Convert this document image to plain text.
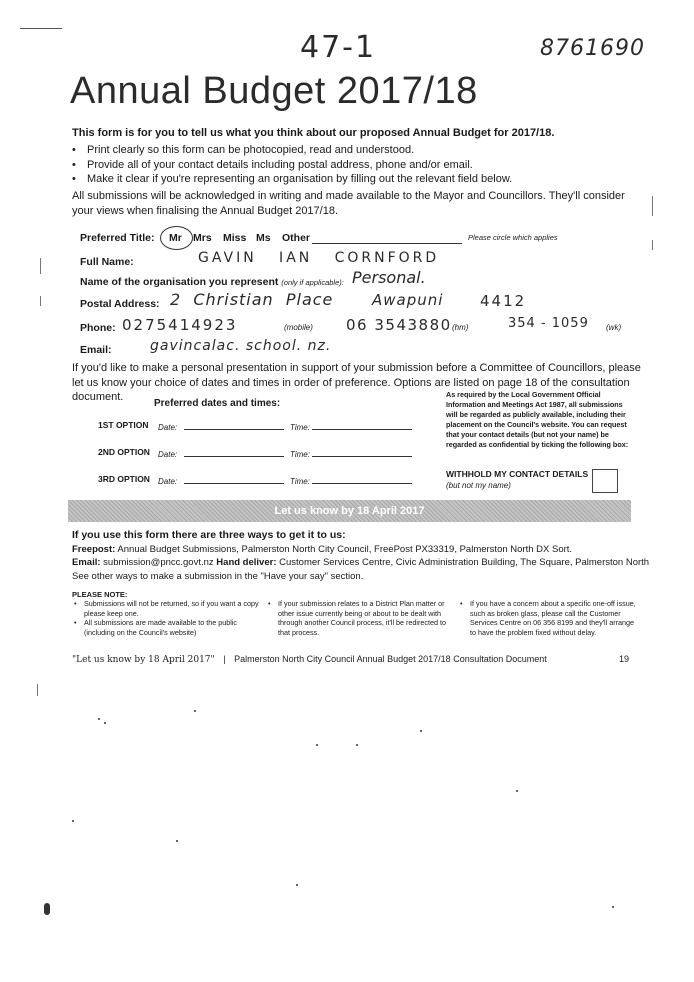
47-1	8761690
Annual Budget 2017/18
This form is for you to tell us what you think about our proposed Annual Budget for 2017/18.
• Print clearly so this form can be photocopied, read and understood.
• Provide all of your contact details including postal address, phone and/or email.
• Make it clear if you're representing an organisation by filling out the relevant field below.
All submissions will be acknowledged in writing and made available to the Mayor and Councillors. They'll consider your views when finalising the Annual Budget 2017/18.
Preferred Title: Mr Mrs Miss Ms Other	Please circle which applies
Full Name:	GAVIN   IAN   CORNFORD
Name of the organisation you represent (only if applicable): Personal.
Postal Address: 2  Christian  Place	Awapuni 4412
Phone: 0275414923	(mobile) 06 3543880 (hm)	354 - 1059 (wk)
Email:	gavincalac. school. nz.
If you'd like to make a personal presentation in support of your submission before a Committee of Councillors, please let us know your choice of dates and times in order of preference. Options are listed on page 18 of the consultation document.
Preferred dates and times:
1ST OPTION Date:	Time:
2ND OPTION Date:	Time:
3RD OPTION Date:	Time:
As required by the Local Government Official Information and Meetings Act 1987, all submissions will be regarded as publicly available, including their placement on the Council's website. You can request that your contact details (but not your name) be regarded as confidential by ticking the following box:
WITHHOLD MY CONTACT DETAILS
(but not my name)
Let us know by 18 April 2017
If you use this form there are three ways to get it to us:
Freepost: Annual Budget Submissions, Palmerston North City Council, FreePost PX33319, Palmerston North DX Sort.
Email: submission@pncc.govt.nz Hand deliver: Customer Services Centre, Civic Administration Building, The Square, Palmerston North
See other ways to make a submission in the "Have your say" section.
PLEASE NOTE:
• Submissions will not be returned, so if you want a copy please keep one.
• All submissions are made available to the public (including on the Council's website)
• If your submission relates to a District Plan matter or other issue currently being or about to be dealt with through another Council process, it'll be redirected to that process.
• If you have a concern about a specific one-off issue, such as broken glass, please call the Customer Services Centre on 06 356 8199 and they'll arrange to have the problem fixed without delay.
"Let us know by 18 April 2017" | Palmerston North City Council Annual Budget 2017/18 Consultation Document	19
